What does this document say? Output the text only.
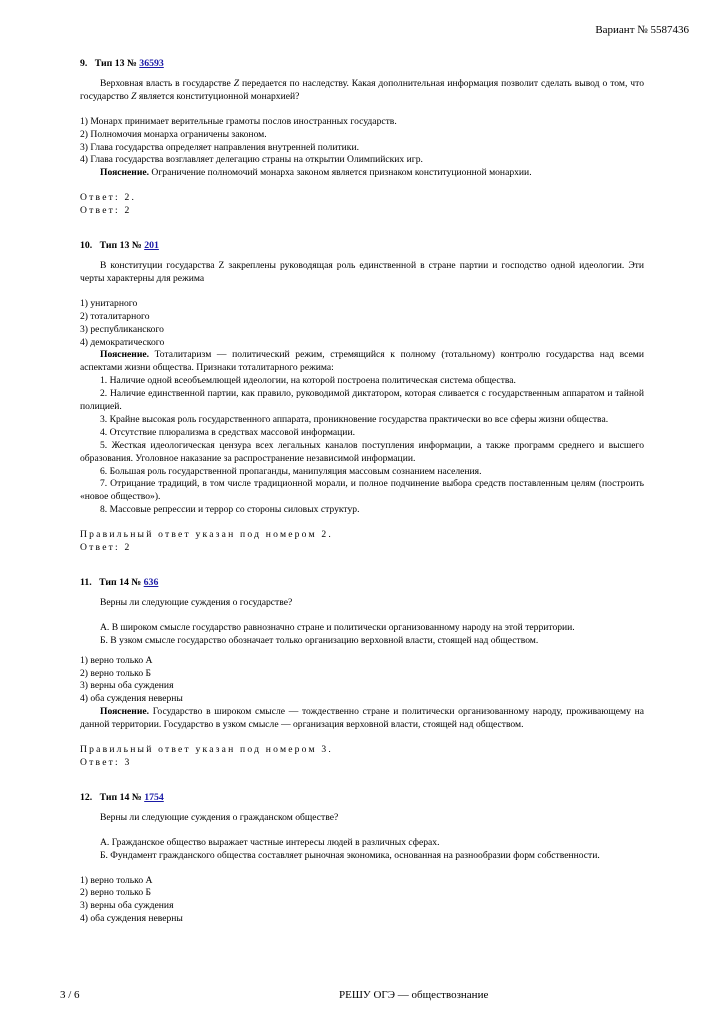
Вариант № 5587436
9. Тип 13 № 36593
Верховная власть в государстве Z передается по наследству. Какая дополнительная информация позволит сделать вывод о том, что государство Z является конституционной монархией?
1) Монарх принимает верительные грамоты послов иностранных государств.
2) Полномочия монарха ограничены законом.
3) Глава государства определяет направления внутренней политики.
4) Глава государства возглавляет делегацию страны на открытии Олимпийских игр.
Пояснение. Ограничение полномочий монарха законом является признаком конституционной монархии.
Ответ: 2.
Ответ: 2
10. Тип 13 № 201
В конституции государства Z закреплены руководящая роль единственной в стране партии и господство одной идеологии. Эти черты характерны для режима
1) унитарного
2) тоталитарного
3) республиканского
4) демократического
Пояснение. Тоталитаризм — политический режим, стремящийся к полному (тотальному) контролю государства над всеми аспектами жизни общества. Признаки тоталитарного режима:
1. Наличие одной всеобъемлющей идеологии, на которой построена политическая система общества.
2. Наличие единственной партии, как правило, руководимой диктатором, которая сливается с государственным аппаратом и тайной полицией.
3. Крайне высокая роль государственного аппарата, проникновение государства практически во все сферы жизни общества.
4. Отсутствие плюрализма в средствах массовой информации.
5. Жесткая идеологическая цензура всех легальных каналов поступления информации, а также программ среднего и высшего образования. Уголовное наказание за распространение независимой информации.
6. Большая роль государственной пропаганды, манипуляция массовым сознанием населения.
7. Отрицание традиций, в том числе традиционной морали, и полное подчинение выбора средств поставленным целям (построить «новое общество»).
8. Массовые репрессии и террор со стороны силовых структур.
Правильный ответ указан под номером 2.
Ответ: 2
11. Тип 14 № 636
Верны ли следующие суждения о государстве?
А. В широком смысле государство равнозначно стране и политически организованному народу на этой территории.
Б. В узком смысле государство обозначает только организацию верховной власти, стоящей над обществом.
1) верно только А
2) верно только Б
3) верны оба суждения
4) оба суждения неверны
Пояснение. Государство в широком смысле — тождественно стране и политически организованному народу, проживающему на данной территории. Государство в узком смысле — организация верховной власти, стоящей над обществом.
Правильный ответ указан под номером 3.
Ответ: 3
12. Тип 14 № 1754
Верны ли следующие суждения о гражданском обществе?
А. Гражданское общество выражает частные интересы людей в различных сферах.
Б. Фундамент гражданского общества составляет рыночная экономика, основанная на разнообразии форм собственности.
1) верно только А
2) верно только Б
3) верны оба суждения
4) оба суждения неверны
3 / 6	РЕШУ ОГЭ — обществознание
